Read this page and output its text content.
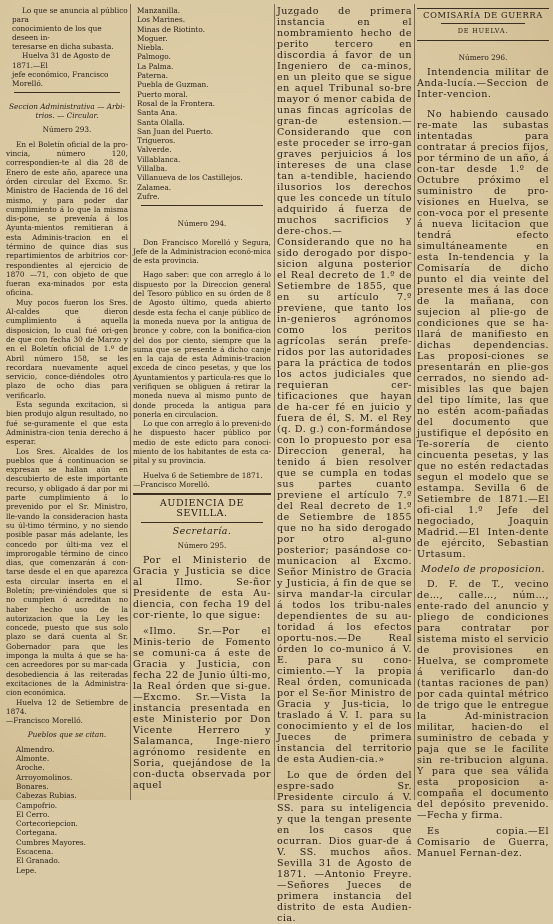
Lo que se anuncia al público para
conocimiento de los que deseen in-
teresarse en dicha subasta.
Huelva 31 de Agosto de 1871.—El
jefe económico, Francisco Morelló.

Seccion Administrativa — Arbi-

trios. — Circular.

Número 293.

En el Boletín oficial de la pro-vincia, número 120, correspondien-te al dia 28 de Enero de este año, aparece una órden circular del Excmo. Sr. Ministro de Hacienda de 16 del mismo, y para poder dar cumplimiento á lo que la misma dis-pone, se prevenía á los Ayunta-mientos remitieran á esta Adminis-tracion en el término de quince dias sus repartimientos de arbitrios cor-respondientes al ejercicio de 1870 —71, con objeto de que fueran exa-minados por esta oficina.

Muy pocos fueron los Sres. Al-caldes que dieron cumplimiento á aquella disposicion, lo cual fué ori-gen de que con fecha 30 de Marzo y en el Boletín oficial de 1.º de Abril número 158, se les recordara nuevamente aquel servicio, conce-diéndoles otro plazo de ocho dias para verificarlo.

Esta segunda excitacion, si bien produjo algun resultado, no fué se-guramente el que esta Administra-cion tenia derecho á esperar.

Los Sres. Alcaldes de los pueblos que á continuacion se expresan se hallan aún en descubierto de este importante recurso, y obligado á dar por mi parte cumplimiento á lo prevenido por el Sr. Ministro, lle-vando la consideracion hasta su úl-timo término, y no siendo posible pasar más adelante, les concedo por últi-ma vez el improrogable término de cinco dias, que comenzarán á con-tarse desde el en que aparezca esta circular inserta en el Boletín; pre-viniéndoles que si no cumplen ó acreditan no haber hecho uso de la autorizacion que la Ley les concede, puesto que sus solo plazo se dará cuenta al Sr. Gobernador para que les imponga la multa á que se ha-cen acreedores por su mar-cada desobediencia á las reiteradas excitaciones de la Administra-cion económica.

Huelva 12 de Setiembre de 1874.

—Francisco Morelló.

Pueblos que se citan.

Almendro.
Almonte.
Aroche.
Arroyomolinos.
Bonares.
Cabezas Rubias.
Campofrio.
El Cerro.
Cortecoriepcion.
Cortegana.
Cumbres Mayores.
Escacena.
El Granado.
Lepe.
Manzanilla.
Los Marines.
Minas de Riotinto.
Moguer.
Niebla.
Palmogo.
La Palma.
Paterna.
Puebla de Guzman.
Puerto moral.
Rosal de la Frontera.
Santa Ana.
Santa Olalla.
San Juan del Puerto.
Trigueros.
Valverde.
Villablanca.
Villalba.
Villanueva de los Castillejos.
Zalamea.
Zufre.

Número 294.

Don Francisco Morelló y Segura, Jefe de la Administracion econó-mica de esta provincia.

Hago saber: que con arreglo á lo dispuesto por la Direccion general del Tesoro público en su órden de 8 de Agosto último, queda abierto desde esta fecha el canje público de la moneda nueva por la antigua de bronce y cobre, con la bonifica-cion del dos por ciento, siempre que la suma que se presente á dicho canje en la caja de esta Adminis-tracion exceda de cinco pesetas, y que los Ayuntamientos y particula-res que lo verifiquen se obliguen á retirar la moneda nueva al mismo punto de donde proceda la antigua para ponerla en circulacion.

Lo que con arreglo á lo preveni-do he dispuesto hacer público por medio de este edicto para conoci-miento de los habitantes de esta ca-pital y su provincia.

Huelva 6 de Setiembre de 1871.

—Francisco Morelló.

AUDIENCIA DE SEVILLA.

Secretaría.

Número 295.

Por el Ministerio de Gracia y Justicia se dice al Ilmo. Se-ñor Presidente de esta Au-diencia, con fecha 19 del cor-riente, lo que sigue:

«Ilmo. Sr.—Por el Minis-terio de Fomento se comuni-ca á este de Gracia y Justicia, con fecha 22 de Junio últi-mo, la Real órden que si-gue.—Excmo. Sr.—Vista la instancia presentada en este Ministerio por Don Vicente Herrero y Salamanca, Inge-niero agrónomo residente en Soria, quejándose de la con-ducta observada por aquel

Juzgado de primera instancia en el nombramiento hecho de perito tercero en discordia á favor de un Ingeniero de ca-minos, en un pleito que se sigue en aquel Tribunal so-bre mayor ó menor cabida de unas fincas agrícolas de gran-de estension.—Considerando que con este proceder se irro-gan graves perjuicios á los intereses de una clase tan a-tendible, haciendo ilusorios los derechos que les concede un título adquirido á fuerza de muchos sacrificios y dere-chos.—Considerando que no ha sido derogado por dispo-sicion alguna posterior el Real decreto de 1.º de Setiembre de 1855, que en su artículo 7.º previene, que tanto los in-genieros agrónomos como los peritos agrícolas serán prefe-ridos por las autoridades para la práctica de todos los actos judiciales que requieran cer-tificaciones que hayan de ha-cer fé en juicio y fuera de él, S. M. el Rey (q. D. g.) con-formándose con lo propuesto por esa Direccion general, ha tenido á bien resolver que se cumpla en todas sus partes cuanto previene el artículo 7.º del Real decreto de 1.º de Setiembre de 1855 que no ha sido derogado por otro al-guno posterior; pasándose co-municacion al Excmo. Señor Ministro de Gracia y Justicia, á fin de que se sirva mandar-la circular á todos los tribu-nales dependientes de su au-toridad á los efectos oportu-nos.—De Real órden lo co-munico á V. E. para su cono-cimiento.—Y la propia Real órden, comunicada por el Se-ñor Ministro de Gracia y Jus-ticia, lo traslado á V. I. para su conocimiento y el de los Jueces de primera instancia del territorio de esta Audien-cia.»

Lo que de órden del espre-sado Sr. Presidente circulo á V. SS. para su inteligencia y que la tengan presente en los casos que ocurran. Dios guar-de á V. SS. muchos años. Sevilla 31 de Agosto de 1871. —Antonio Freyre.—Señores Jueces de primera instancia del distrito de esta Audien-cia.

COMISARÍA DE GUERRA

DE HUELVA.

Número 296.

Intendencia militar de Anda-lucía.—Seccion de Inter-vencion.

No habiendo causado re-mate las subastas intentadas para contratar á precios fijos, por término de un año, á con-tar desde 1.º de Octubre próximo el suministro de pro-visiones en Huelva, se con-voca por el presente á nueva licitacion que tendrá efecto simultáneamente en esta In-tendencia y la Comisaría de dicho punto el dia veinte del presente mes á las doce de la mañana, con sujecion al plie-go de condiciones que se ha-llará de manifiesto en dichas dependencias. Las proposi-ciones se presentarán en plie-gos cerrados, no siendo ad-misibles las que bajen del tipo límite, las que no estén acom-pañadas del documento que justifique el depósito en Te-sorería de ciento cincuenta pesetas, y las que no estén redactadas segun el modelo que se estampa. Sevilla 6 de Setiembre de 1871.—El ofi-cial 1.º Jefe del negociado, Joaquin Madrid.—El Inten-dente de ejército, Sebastian Urtasum.

Modelo de proposicion.

D. F. de T., vecino de…, calle…, núm…, ente-rado del anuncio y pliego de condiciones para contratar por sistema misto el servicio de provisiones en Huelva, se compromete á verificarlo dan-do (tantas raciones de pan) por cada quintal métrico de trigo que le entregue la Ad-ministracion militar, hacien-do el suministro de cebada y paja que se le facilite sin re-tribucion alguna. Y para que sea válida esta proposicion a-compaña el documento del depósito prevenido.—Fecha y firma.

Es copia.—El Comisario de Guerra, Manuel Fernan-dez.
